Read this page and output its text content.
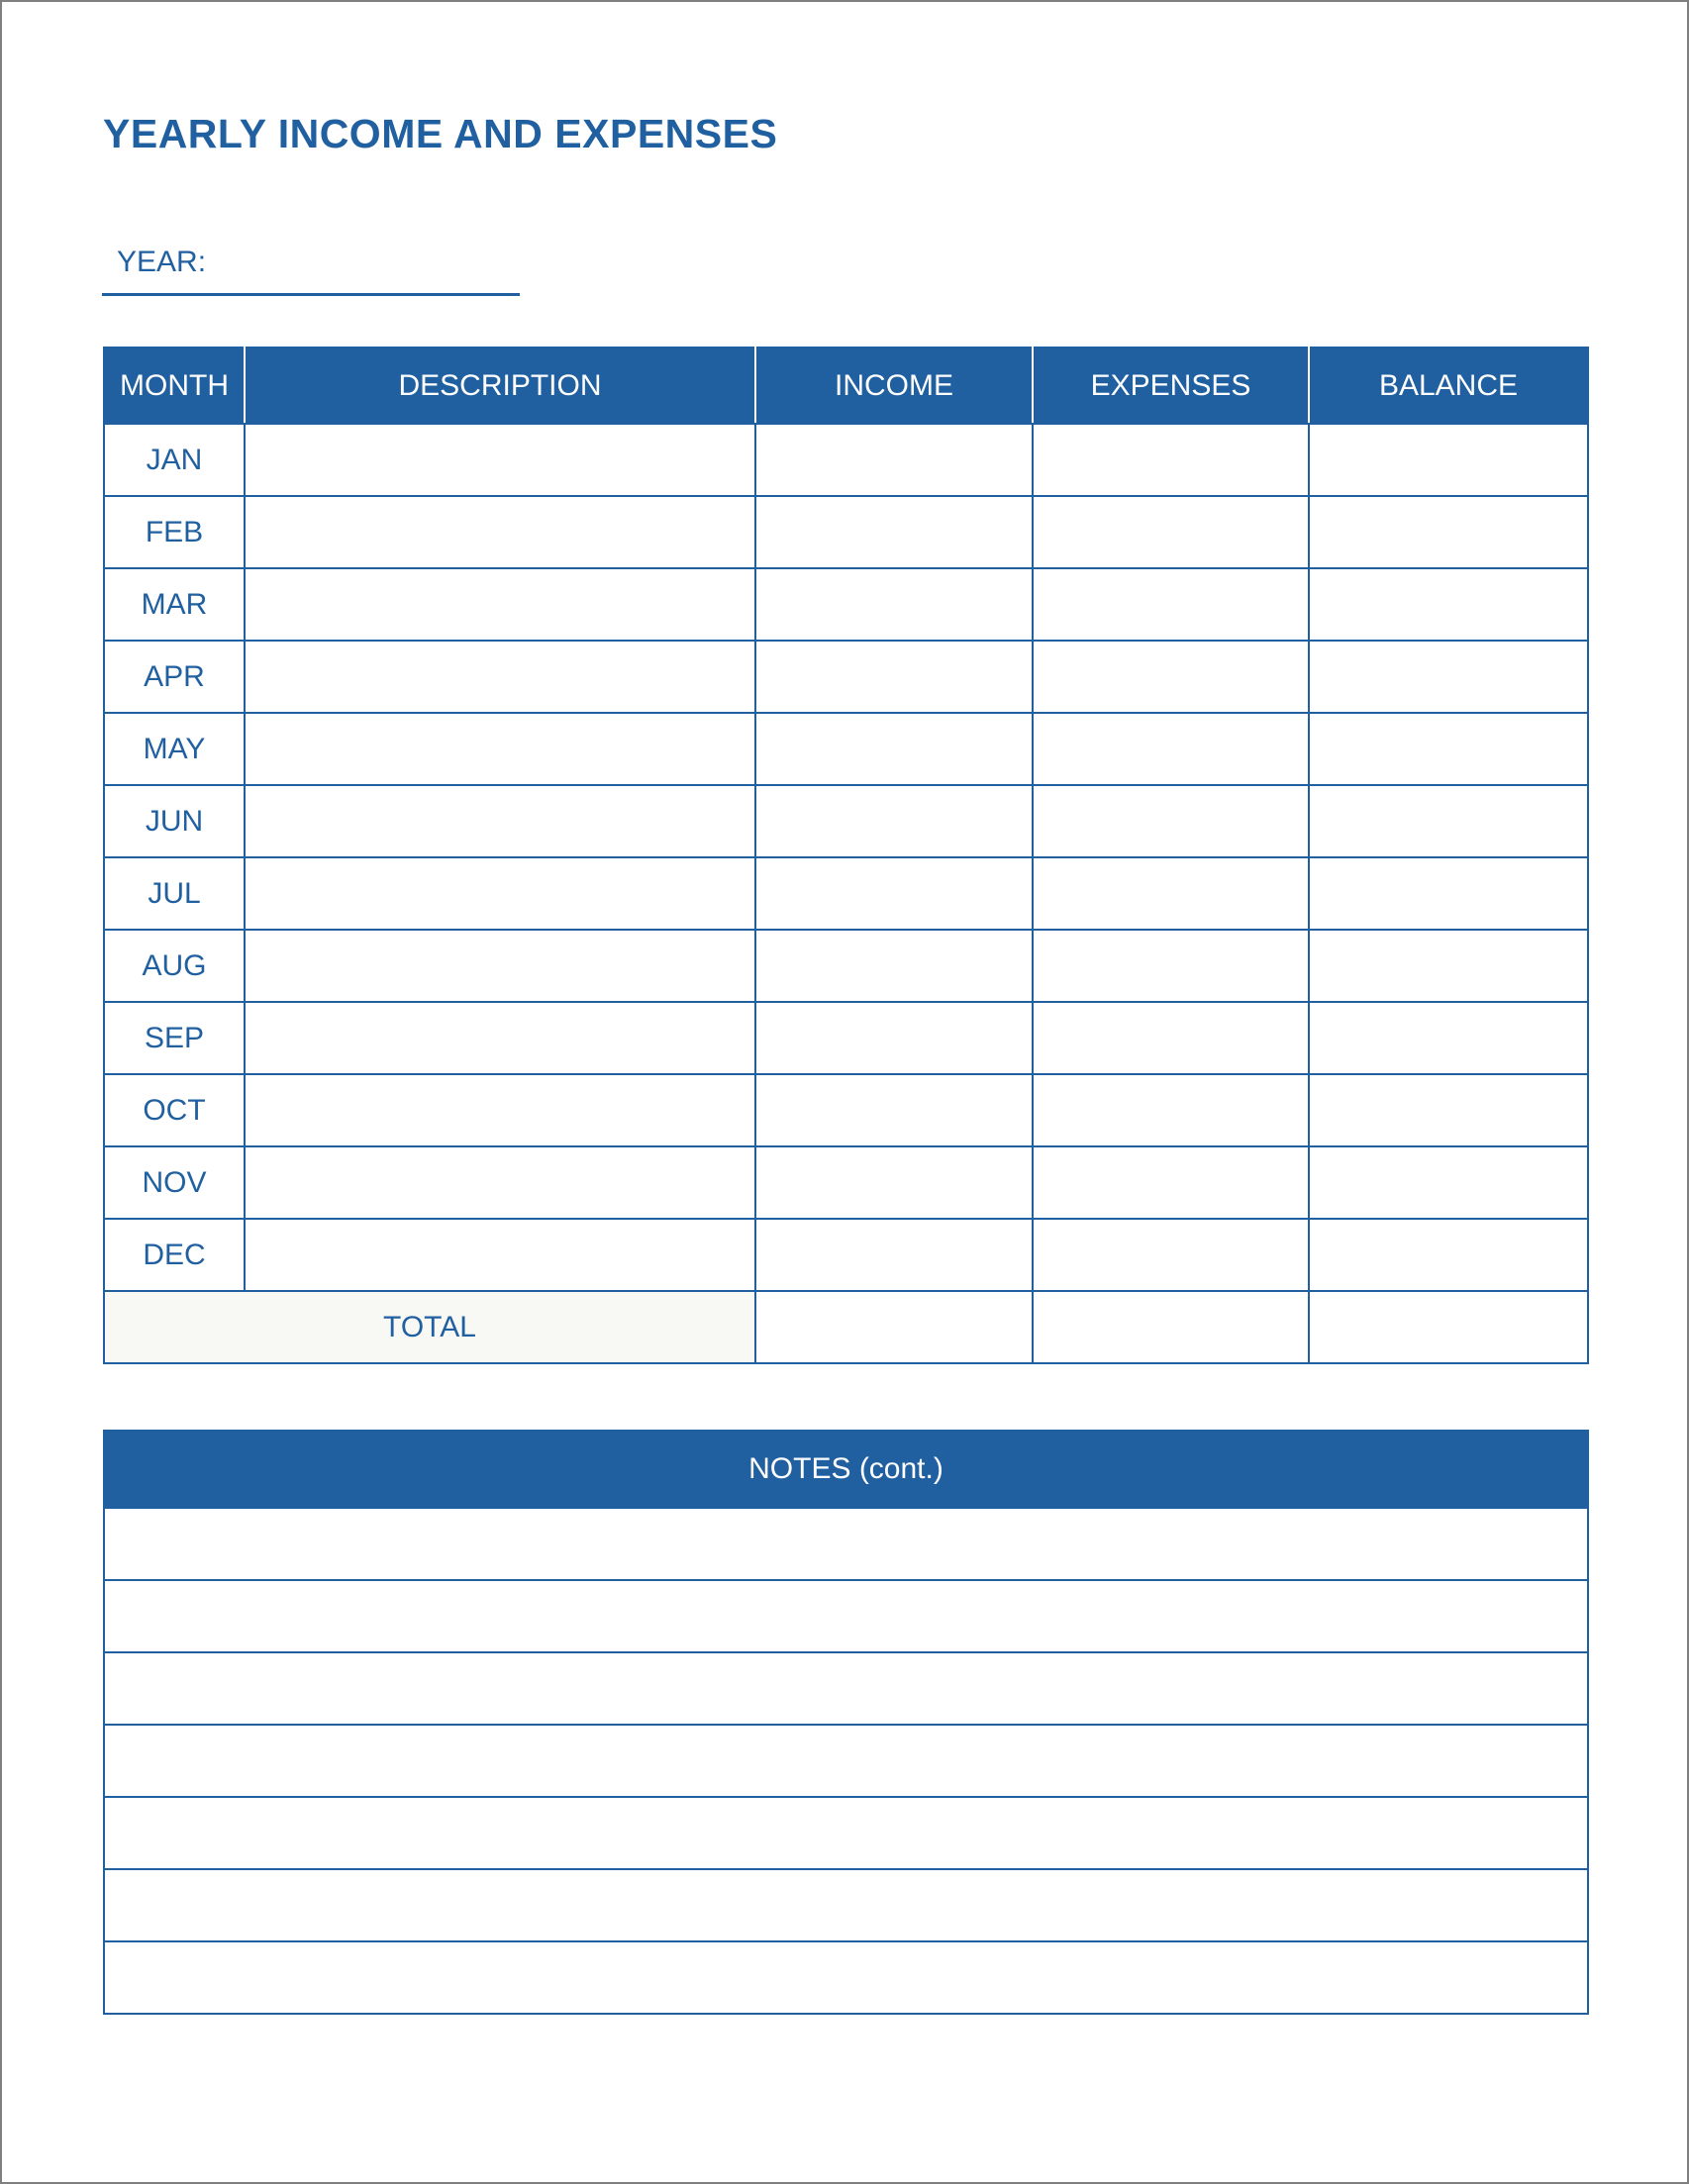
YEARLY INCOME AND EXPENSES
YEAR:
MONTH	DESCRIPTION	INCOME	EXPENSES	BALANCE
JAN				
FEB				
MAR				
APR				
MAY				
JUN				
JUL				
AUG				
SEP				
OCT				
NOV				
DEC				
TOTAL				
NOTES (cont.)
